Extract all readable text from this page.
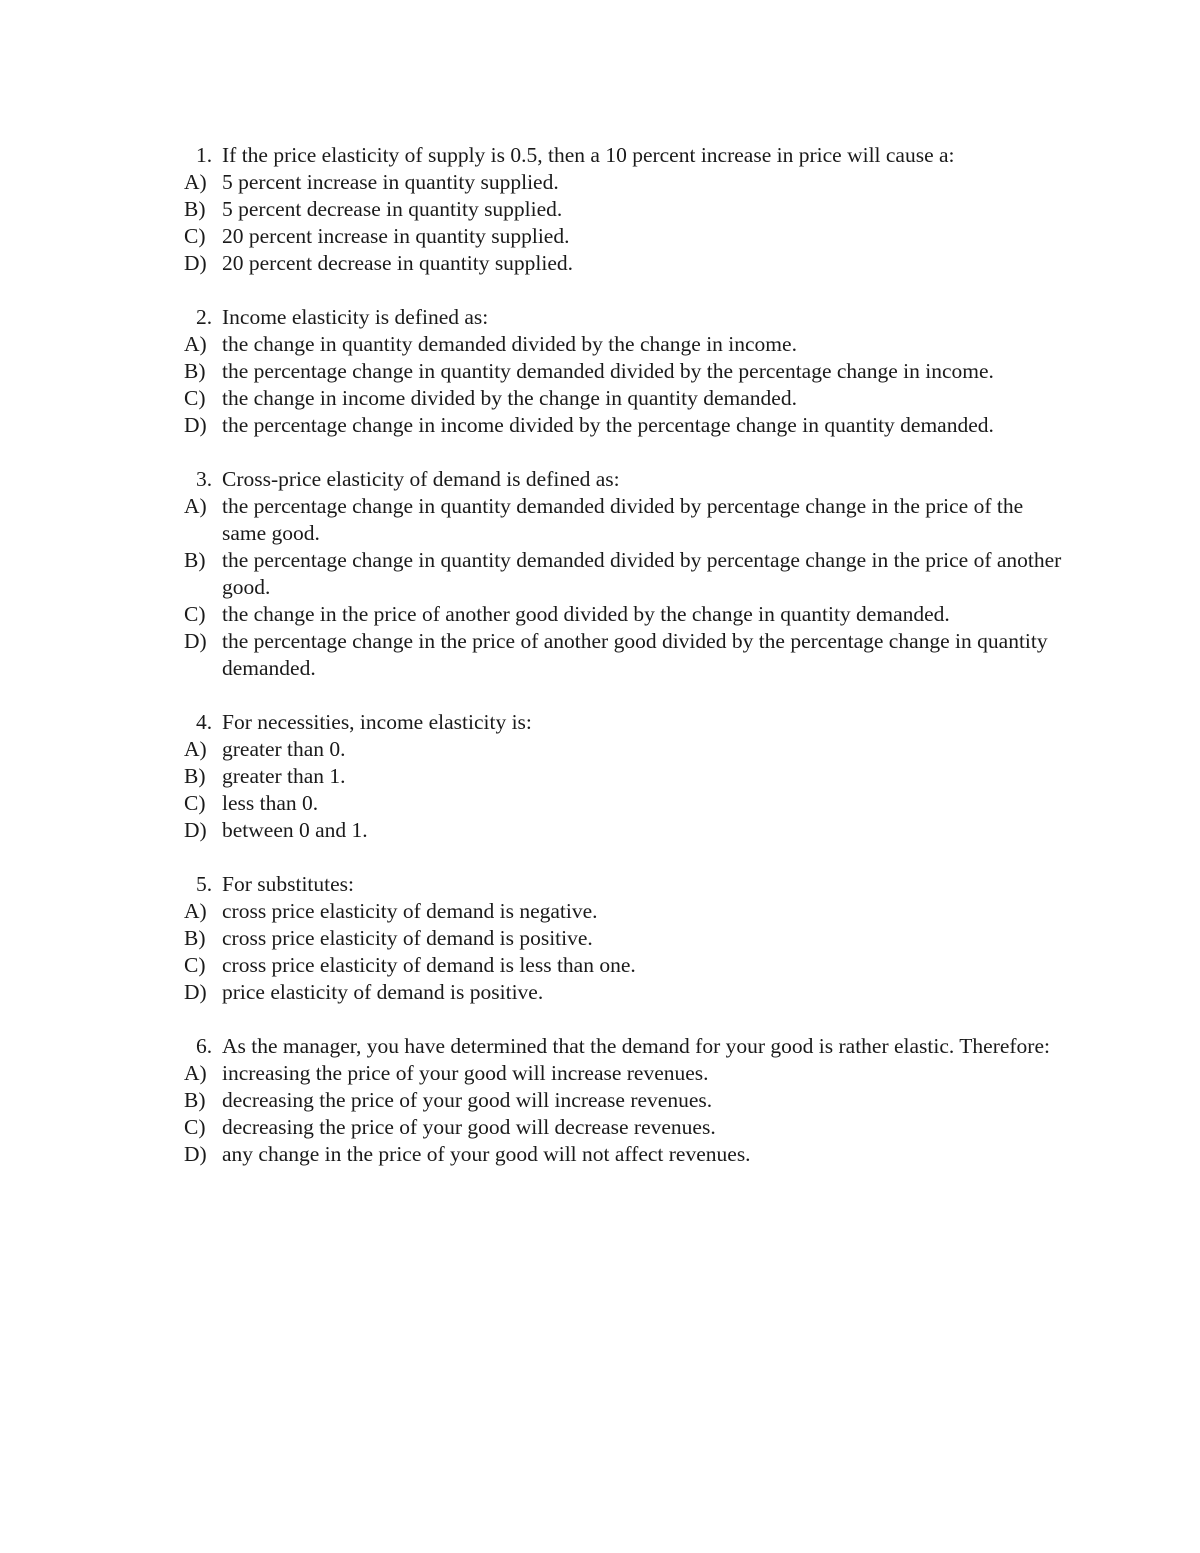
1. If the price elasticity of supply is 0.5, then a 10 percent increase in price will cause a:
A) 5 percent increase in quantity supplied.
B) 5 percent decrease in quantity supplied.
C) 20 percent increase in quantity supplied.
D) 20 percent decrease in quantity supplied.
2. Income elasticity is defined as:
A) the change in quantity demanded divided by the change in income.
B) the percentage change in quantity demanded divided by the percentage change in income.
C) the change in income divided by the change in quantity demanded.
D) the percentage change in income divided by the percentage change in quantity demanded.
3. Cross-price elasticity of demand is defined as:
A) the percentage change in quantity demanded divided by percentage change in the price of the same good.
B) the percentage change in quantity demanded divided by percentage change in the price of another good.
C) the change in the price of another good divided by the change in quantity demanded.
D) the percentage change in the price of another good divided by the percentage change in quantity demanded.
4. For necessities, income elasticity is:
A) greater than 0.
B) greater than 1.
C) less than 0.
D) between 0 and 1.
5. For substitutes:
A) cross price elasticity of demand is negative.
B) cross price elasticity of demand is positive.
C) cross price elasticity of demand is less than one.
D) price elasticity of demand is positive.
6. As the manager, you have determined that the demand for your good is rather elastic. Therefore:
A) increasing the price of your good will increase revenues.
B) decreasing the price of your good will increase revenues.
C) decreasing the price of your good will decrease revenues.
D) any change in the price of your good will not affect revenues.
